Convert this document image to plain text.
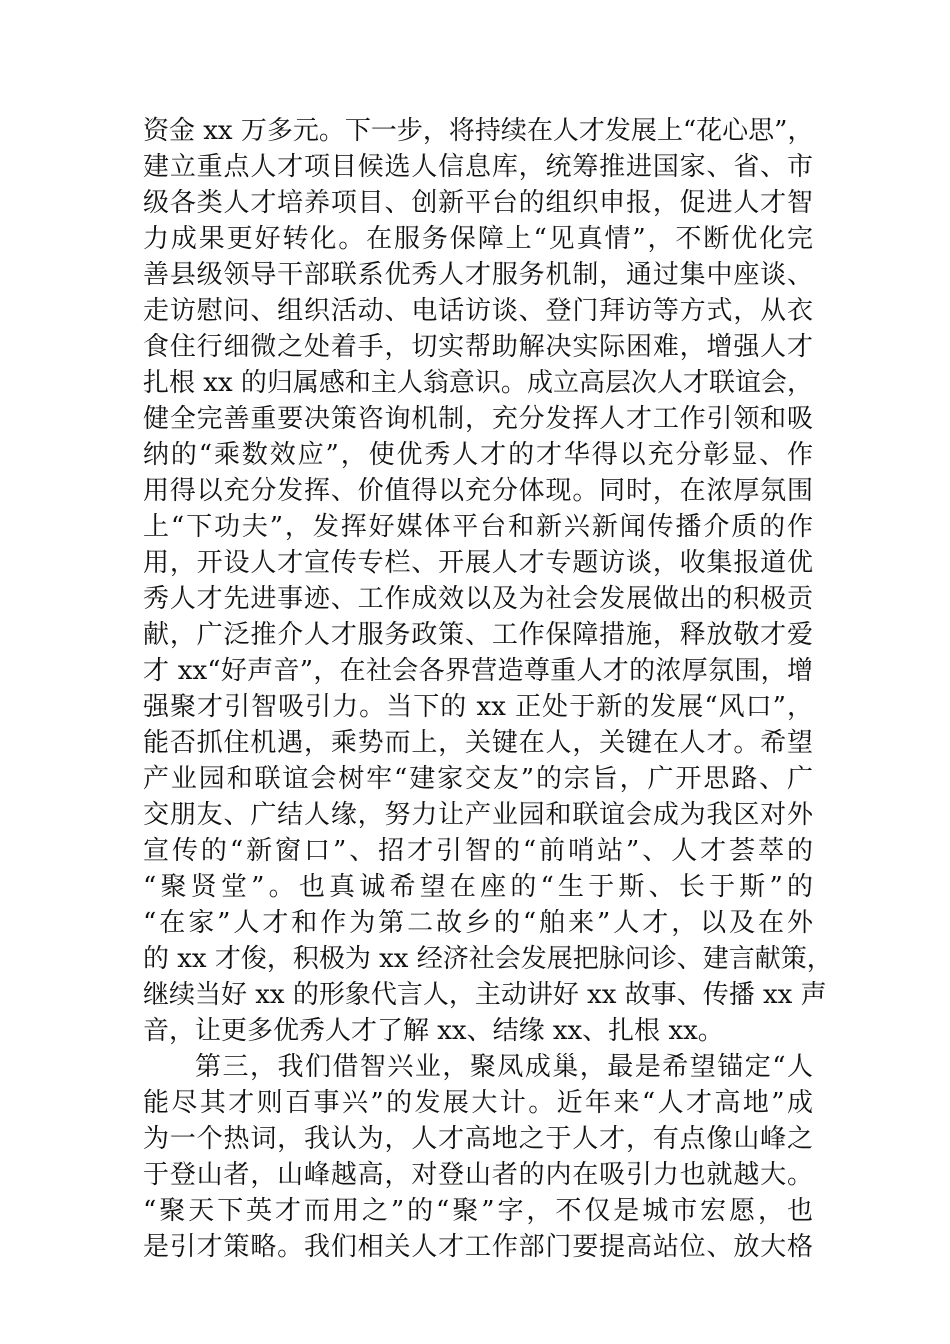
资金 xx 万多元。下一步，将持续在人才发展上“花心思”，
建立重点人才项目候选人信息库，统筹推进国家、省、市
级各类人才培养项目、创新平台的组织申报，促进人才智
力成果更好转化。在服务保障上“见真情”，不断优化完
善县级领导干部联系优秀人才服务机制，通过集中座谈、
走访慰问、组织活动、电话访谈、登门拜访等方式，从衣
食住行细微之处着手，切实帮助解决实际困难，增强人才
扎根 xx 的归属感和主人翁意识。成立高层次人才联谊会，
健全完善重要决策咨询机制，充分发挥人才工作引领和吸
纳的“乘数效应”，使优秀人才的才华得以充分彰显、作
用得以充分发挥、价值得以充分体现。同时，在浓厚氛围
上“下功夫”，发挥好媒体平台和新兴新闻传播介质的作
用，开设人才宣传专栏、开展人才专题访谈，收集报道优
秀人才先进事迹、工作成效以及为社会发展做出的积极贡
献，广泛推介人才服务政策、工作保障措施，释放敬才爱
才 xx“好声音”，在社会各界营造尊重人才的浓厚氛围，增
强聚才引智吸引力。当下的 xx 正处于新的发展“风口”，
能否抓住机遇，乘势而上，关键在人，关键在人才。希望
产业园和联谊会树牢“建家交友”的宗旨，广开思路、广
交朋友、广结人缘，努力让产业园和联谊会成为我区对外
宣传的“新窗口”、招才引智的“前哨站”、人才荟萃的
“聚贤堂”。也真诚希望在座的“生于斯、长于斯”的
“在家”人才和作为第二故乡的“舶来”人才，以及在外
的 xx 才俊，积极为 xx 经济社会发展把脉问诊、建言献策，
继续当好 xx 的形象代言人，主动讲好 xx 故事、传播 xx 声
音，让更多优秀人才了解 xx、结缘 xx、扎根 xx。
第三，我们借智兴业，聚凤成巢，最是希望锚定“人
能尽其才则百事兴”的发展大计。近年来“人才高地”成
为一个热词，我认为，人才高地之于人才，有点像山峰之
于登山者，山峰越高，对登山者的内在吸引力也就越大。
“聚天下英才而用之”的“聚”字，不仅是城市宏愿，也
是引才策略。我们相关人才工作部门要提高站位、放大格
